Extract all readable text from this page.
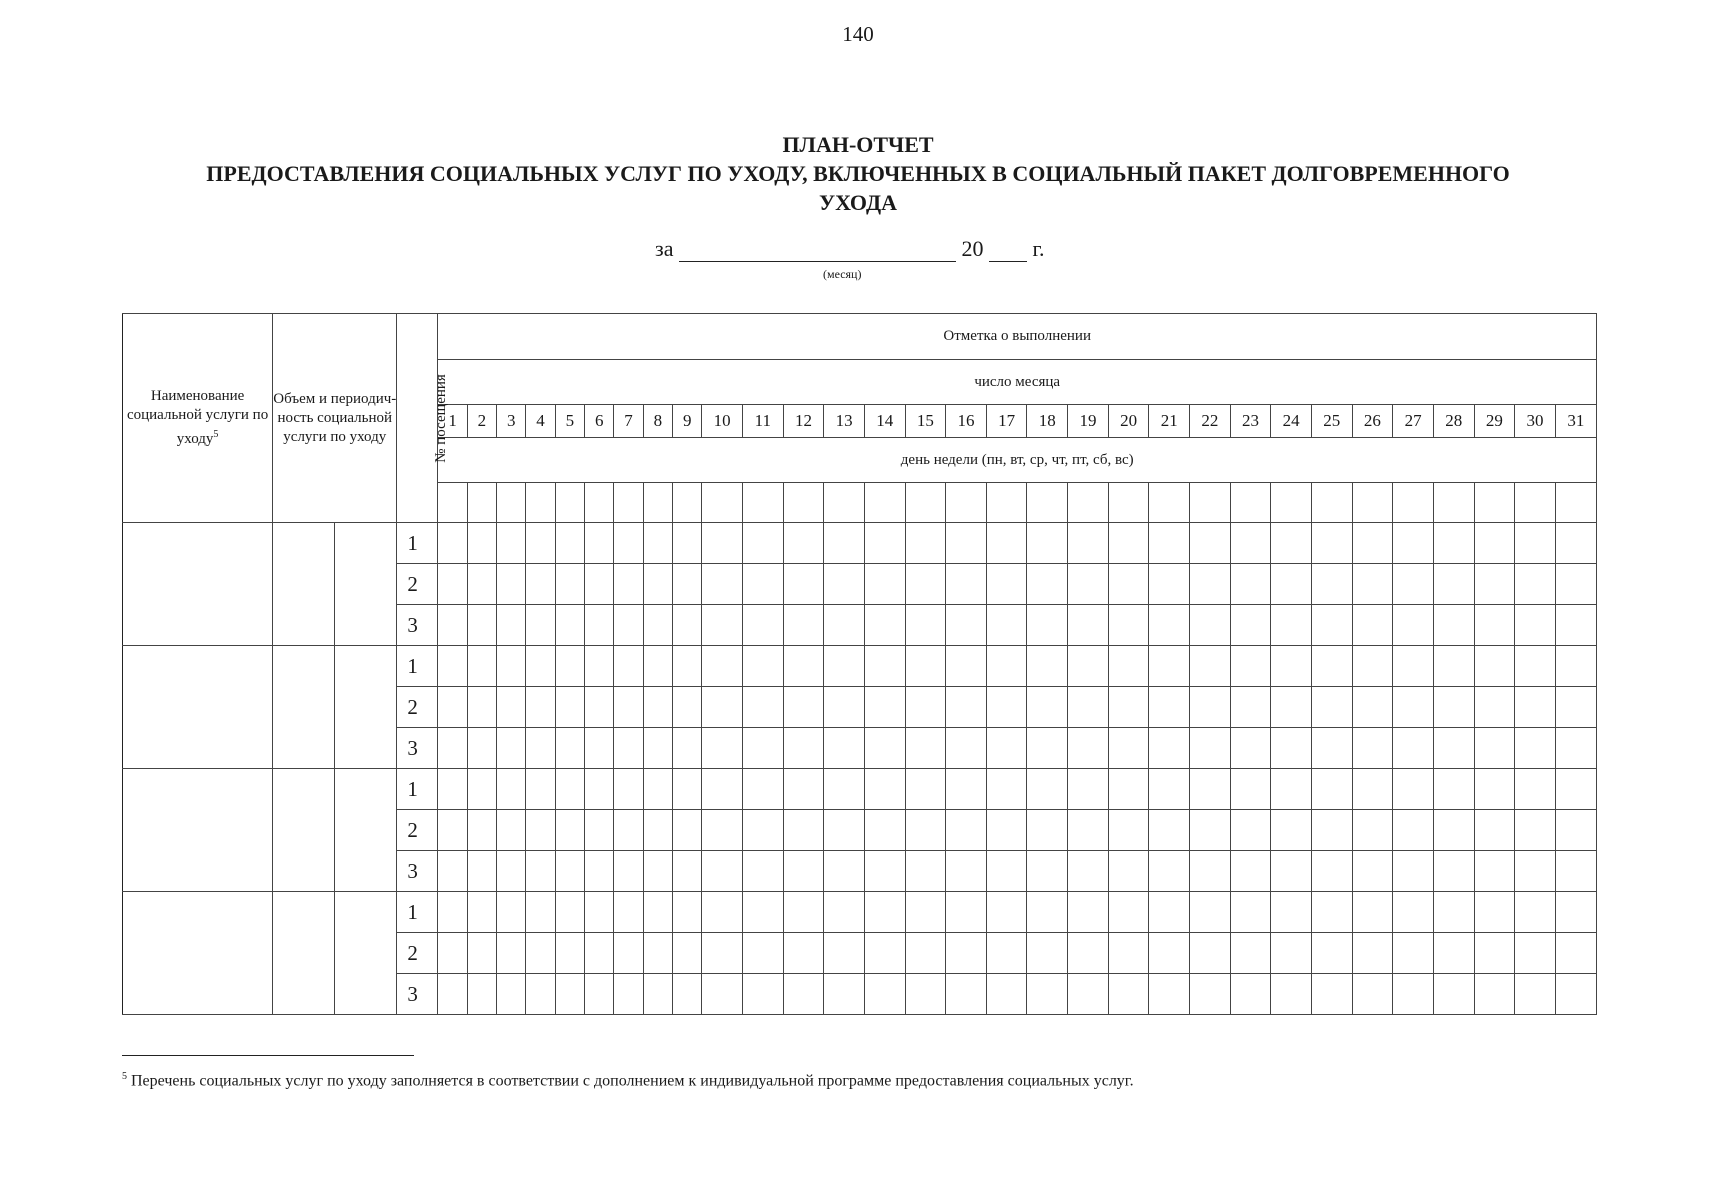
140
ПЛАН-ОТЧЕТ
ПРЕДОСТАВЛЕНИЯ СОЦИАЛЬНЫХ УСЛУГ ПО УХОДУ, ВКЛЮЧЕННЫХ В СОЦИАЛЬНЫЙ ПАКЕТ ДОЛГОВРЕМЕННОГО
УХОДА
за	20 г.
(месяц)
Наименование социальной услуги по уходу$^5$	Объем и периодич-ность социальной услуги по уходу		№ посещения	Отметка о выполнении																														
				число месяца																														
				1	2	3	4	5	6	7	8	9	10	11	12	13	14	15	16	17	18	19	20	21	22	23	24	25	26	27	28	29	30	31
				день недели (пн, вт, ср, чт, пт, сб, вс)																														

			1																															
			2																															
			3																															
			1																															
			2																															
			3																															
			1																															
			2																															
			3																															
			1																															
			2																															
			3																															
$^5$ Перечень социальных услуг по уходу заполняется в соответствии с дополнением к индивидуальной программе предоставления социальных услуг.
